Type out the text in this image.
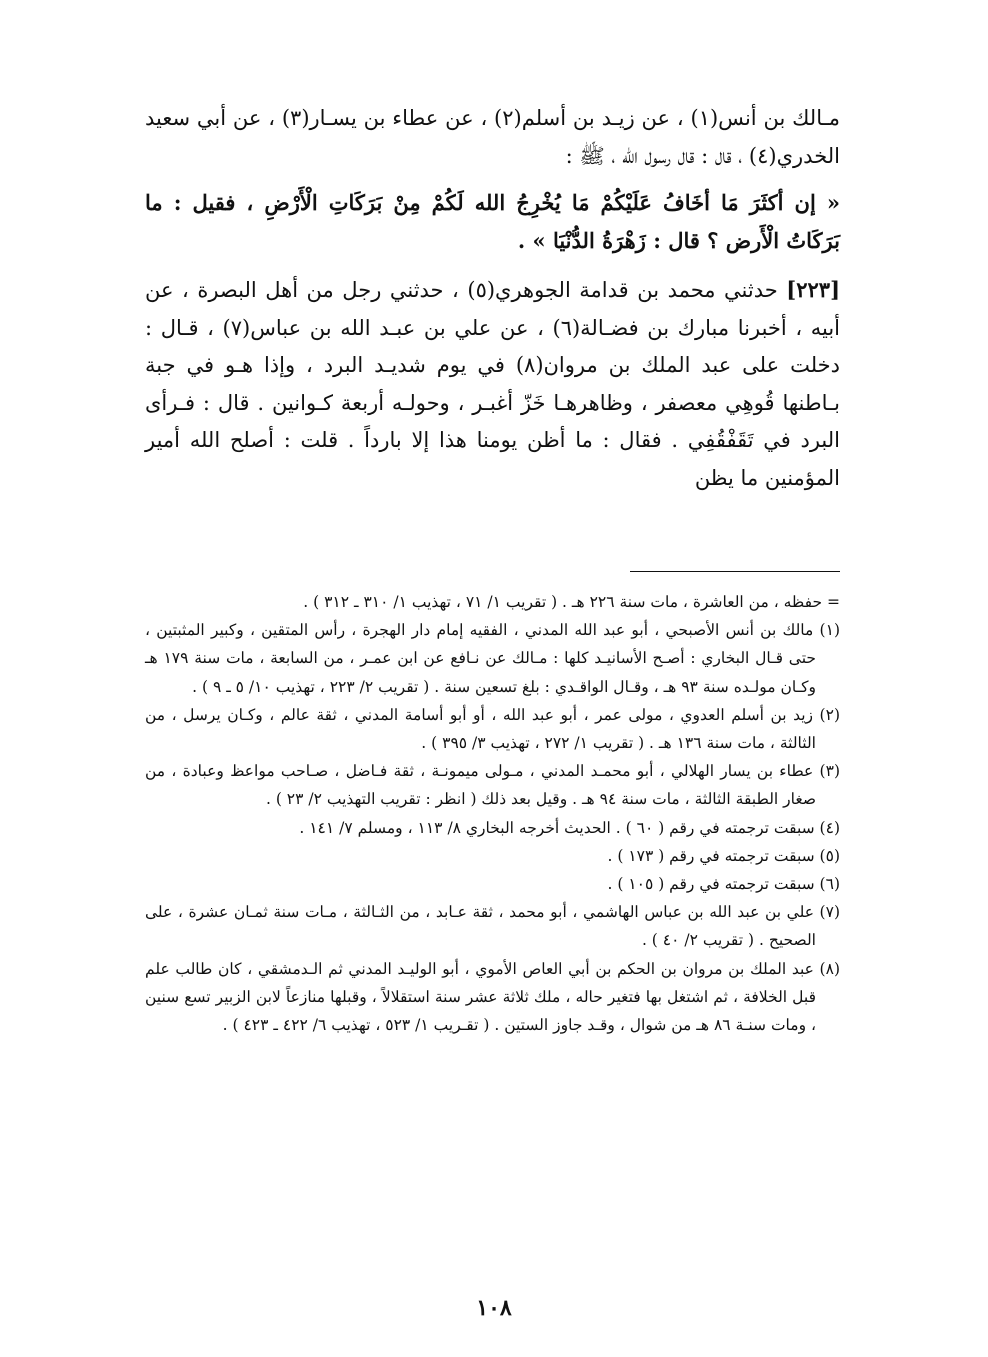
مـالك بن أنس(١) ، عن زيـد بن أسلم(٢) ، عن عطاء بن يسـار(٣) ، عن أبي سعيد الخدري(٤) ، قال : قال رسول الله ، ﷺ :

« إن أكثَرَ مَا أخَافُ عَلَيْكُمْ مَا يُخْرِجُ الله لَكُمْ مِنْ بَرَكَاتِ الْأَرْضِ ، فقيل : ما بَرَكَاتُ الْأَرض ؟ قال : زَهْرَةُ الدُّنْيَا » .

[٢٢٣] حدثني محمد بن قدامة الجوهري(٥) ، حدثني رجل من أهل البصرة ، عن أبيه ، أخبرنا مبارك بن فضـالة(٦) ، عن علي بن عبـد الله بن عباس(٧) ، قـال : دخلت على عبد الملك بن مروان(٨) في يوم شديـد البرد ، وإذا هـو في جبة بـاطنها قُوهِي معصفر ، وظاهرهـا خَزّ أغبـر ، وحولـه أربعة كـوانين . قال : فـرأى البرد في تَقَفْقُفِي . فقال : ما أظن يومنا هذا إلا بارداً . قلت : أصلح الله أمير المؤمنين ما يظن

= حفظه ، من العاشرة ، مات سنة ٢٢٦ هـ . ( تقريب ١/ ٧١ ، تهذيب ١/ ٣١٠ ـ ٣١٢ ) .

(١) مالك بن أنس الأصبحي ، أبو عبد الله المدني ، الفقيه إمام دار الهجرة ، رأس المتقين ، وكبير المثبتين ، حتى قـال البخاري : أصـح الأسانيـد كلها : مـالك عن نـافع عن ابن عمـر ، من السابعة ، مات سنة ١٧٩ هـ وكـان مولـده سنة ٩٣ هـ ، وقـال الواقـدي : بلغ تسعين سنة . ( تقريب ٢/ ٢٢٣ ، تهذيب ١٠/ ٥ ـ ٩ ) .

(٢) زيد بن أسلم العدوي ، مولى عمر ، أبو عبد الله ، أو أبو أسامة المدني ، ثقة عالم ، وكـان يرسل ، من الثالثة ، مات سنة ١٣٦ هـ . ( تقريب ١/ ٢٧٢ ، تهذيب ٣/ ٣٩٥ ) .

(٣) عطاء بن يسار الهلالي ، أبو محمـد المدني ، مـولى ميمونـة ، ثقة فـاضل ، صـاحب مواعظ وعبادة ، من صغار الطبقة الثالثة ، مات سنة ٩٤ هـ . وقيل بعد ذلك ( انظر : تقريب التهذيب ٢/ ٢٣ ) .

(٤) سبقت ترجمته في رقم ( ٦٠ ) . الحديث أخرجه البخاري ٨/ ١١٣ ، ومسلم ٧/ ١٤١ .

(٥) سبقت ترجمته في رقم ( ١٧٣ ) .

(٦) سبقت ترجمته في رقم ( ١٠٥ ) .

(٧) علي بن عبد الله بن عباس الهاشمي ، أبو محمد ، ثقة عـابد ، من الثـالثة ، مـات سنة ثمـان عشرة ، على الصحيح . ( تقريب ٢/ ٤٠ ) .

(٨) عبد الملك بن مروان بن الحكم بن أبي العاص الأموي ، أبو الوليـد المدني ثم الـدمشقي ، كان طالب علم قبل الخلافة ، ثم اشتغل بها فتغير حاله ، ملك ثلاثة عشر سنة استقلالاً ، وقبلها منازعاً لابن الزبير تسع سنين ، ومات سنـة ٨٦ هـ من شوال ، وقـد جاوز الستين . ( تقـريب ١/ ٥٢٣ ، تهذيب ٦/ ٤٢٢ ـ ٤٢٣ ) .

١٠٨
